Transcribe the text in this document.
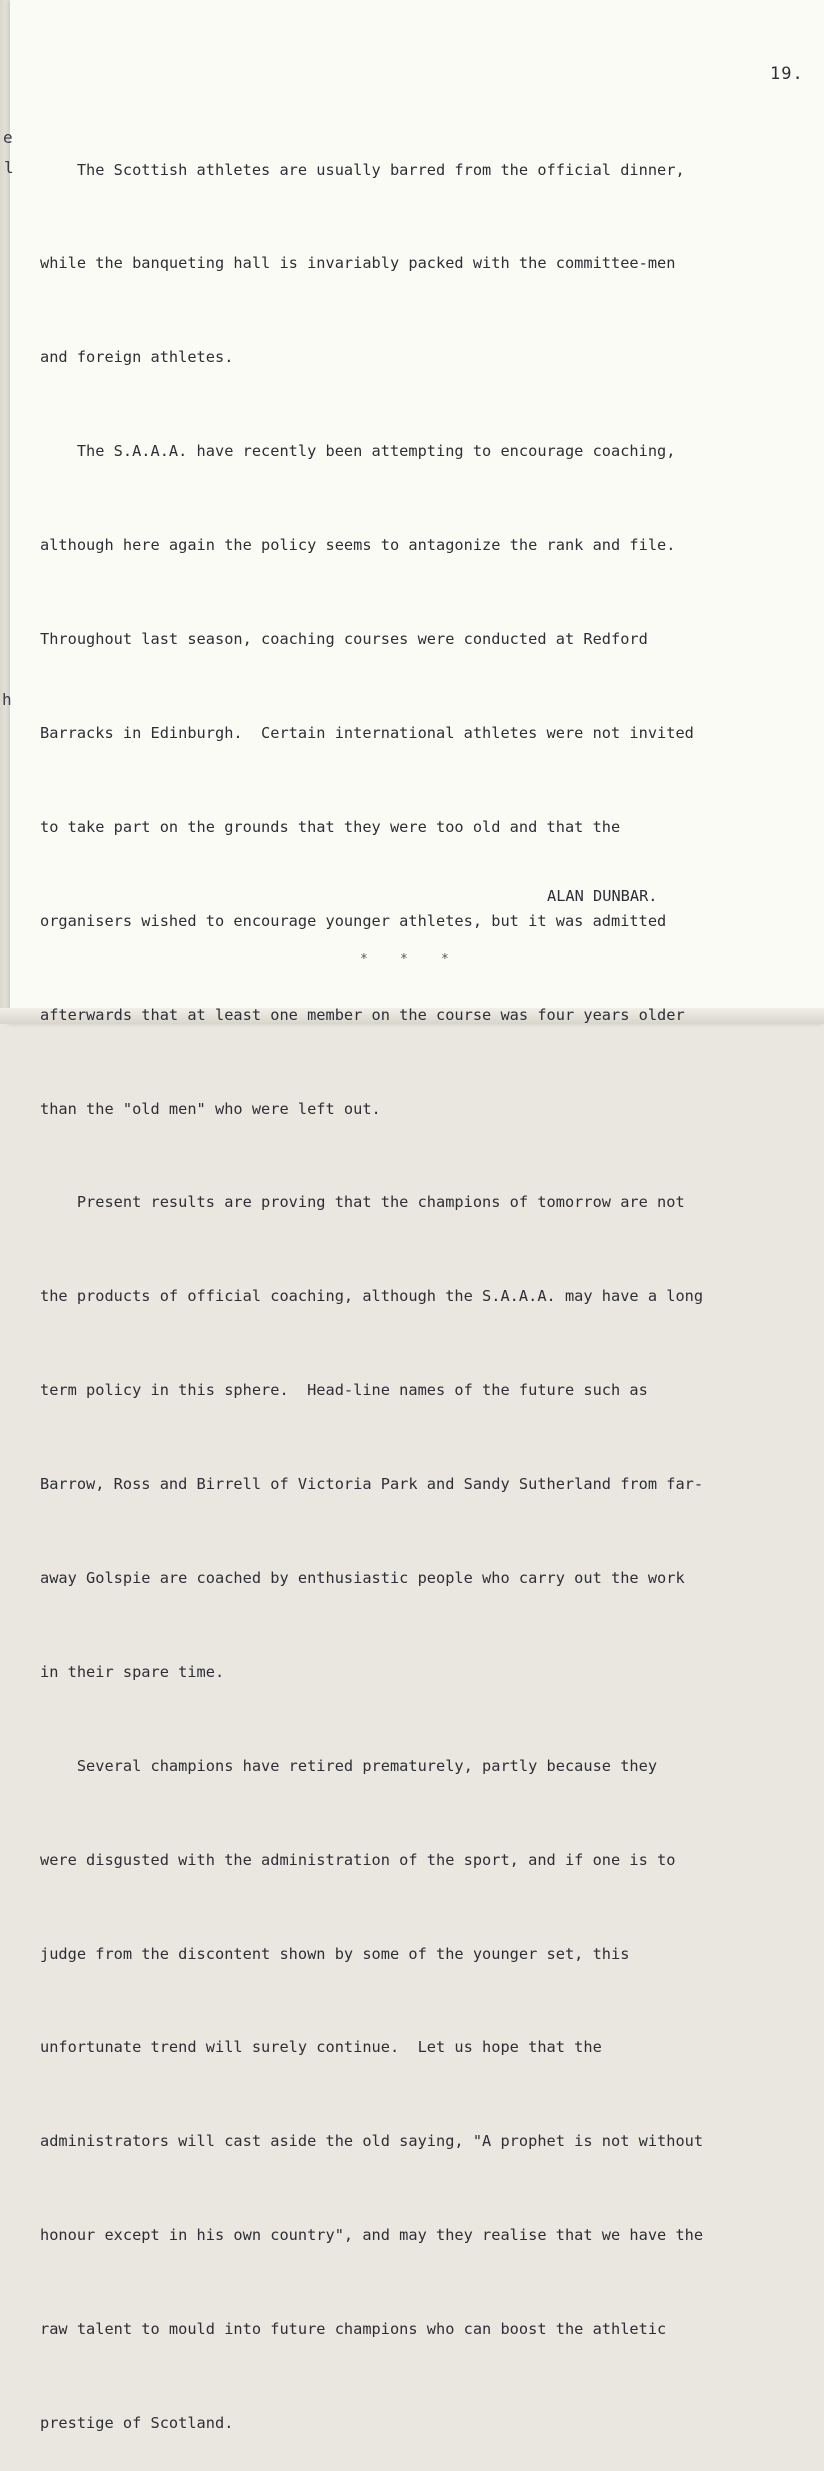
e
l
h
19.

The Scottish athletes are usually barred from the official dinner,

while the banqueting hall is invariably packed with the committee-men

and foreign athletes.

The S.A.A.A. have recently been attempting to encourage coaching,

although here again the policy seems to antagonize the rank and file.

Throughout last season, coaching courses were conducted at Redford

Barracks in Edinburgh.  Certain international athletes were not invited

to take part on the grounds that they were too old and that the

organisers wished to encourage younger athletes, but it was admitted

afterwards that at least one member on the course was four years older

than the "old men" who were left out.

Present results are proving that the champions of tomorrow are not

the products of official coaching, although the S.A.A.A. may have a long

term policy in this sphere.  Head-line names of the future such as

Barrow, Ross and Birrell of Victoria Park and Sandy Sutherland from far-

away Golspie are coached by enthusiastic people who carry out the work

in their spare time.

Several champions have retired prematurely, partly because they

were disgusted with the administration of the sport, and if one is to

judge from the discontent shown by some of the younger set, this

unfortunate trend will surely continue.  Let us hope that the

administrators will cast aside the old saying, "A prophet is not without

honour except in his own country", and may they realise that we have the

raw talent to mould into future champions who can boost the athletic

prestige of Scotland.

ALAN DUNBAR.
* *	*
